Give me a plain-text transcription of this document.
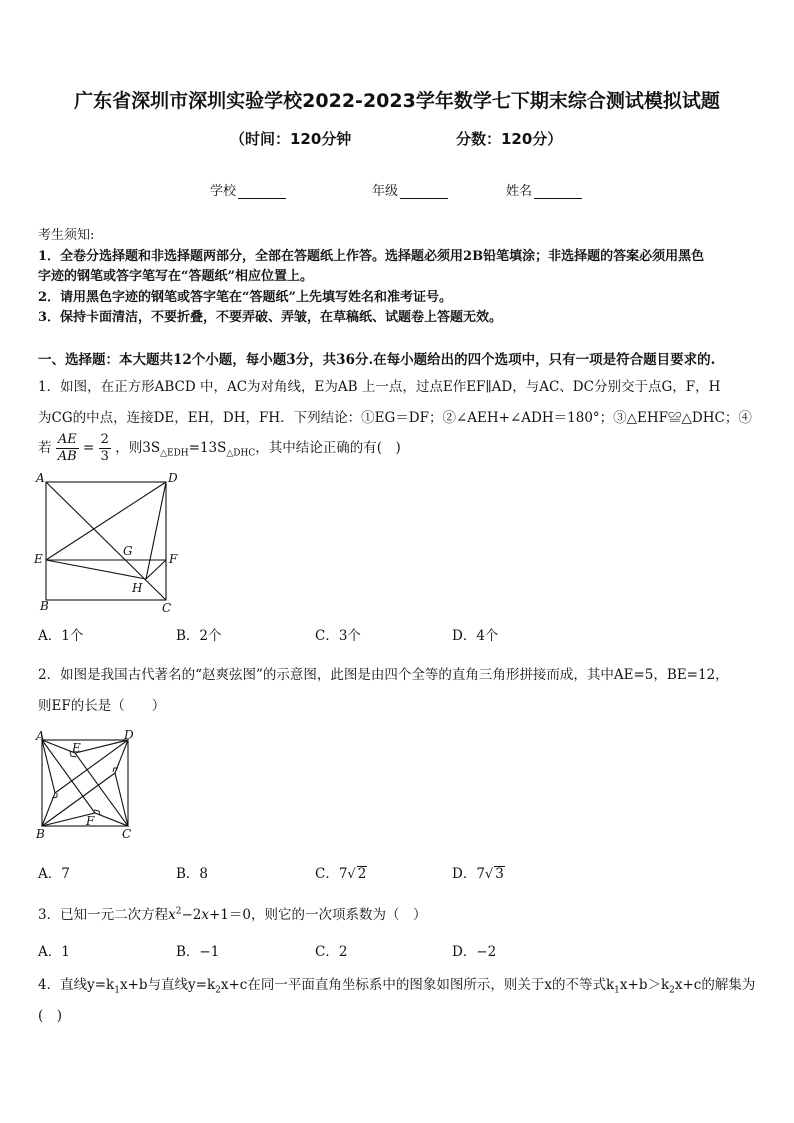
广东省深圳市深圳实验学校2022-2023学年数学七下期末综合测试模拟试题
（时间：120分钟	分数：120分）
学校	年级	姓名
考生须知:
1．全卷分选择题和非选择题两部分，全部在答题纸上作答。选择题必须用2B铅笔填涂；非选择题的答案必须用黑色
字迹的钢笔或答字笔写在“答题纸”相应位置上。
2．请用黑色字迹的钢笔或答字笔在“答题纸”上先填写姓名和准考证号。
3．保持卡面清洁，不要折叠，不要弄破、弄皱，在草稿纸、试题卷上答题无效。
一、选择题：本大题共12个小题，每小题3分，共36分.在每小题给出的四个选项中，只有一项是符合题目要求的.
1．如图，在正方形ABCD 中，AC为对角线，E为AB 上一点，过点E作EF∥AD，与AC、DC分别交于点G，F，H
为CG的中点，连接DE，EH，DH，FH．下列结论：①EG＝DF；②∠AEH+∠ADH＝180°；③△EHF≌△DHC；④
若 $\frac{AE}{AB} = \frac{2}{3}$ ，则$3S_{\triangle EDH}=13S_{\triangle DHC}$，其中结论正确的有(　)
A	D
E	F
G
H
B	C
A．1个	B．2个	C．3个	D．4个
2．如图是我国古代著名的“赵爽弦图”的示意图，此图是由四个全等的直角三角形拼接而成，其中AE=5，BE=12，
则EF的长是（　　）
A	D
E
F
B	C
A．7	B．8	C．7√ 2	D．7√ 3
3．已知一元二次方程$x^2-2x+1=0$，则它的一次项系数为（　）
A．1	B．−1	C．2	D．−2
4．直线$y=k_1x+b$与直线$y=k_2x+c$在同一平面直角坐标系中的图象如图所示，则关于x的不等式$k_1x+b>k_2x+c$的解集为
(　)
